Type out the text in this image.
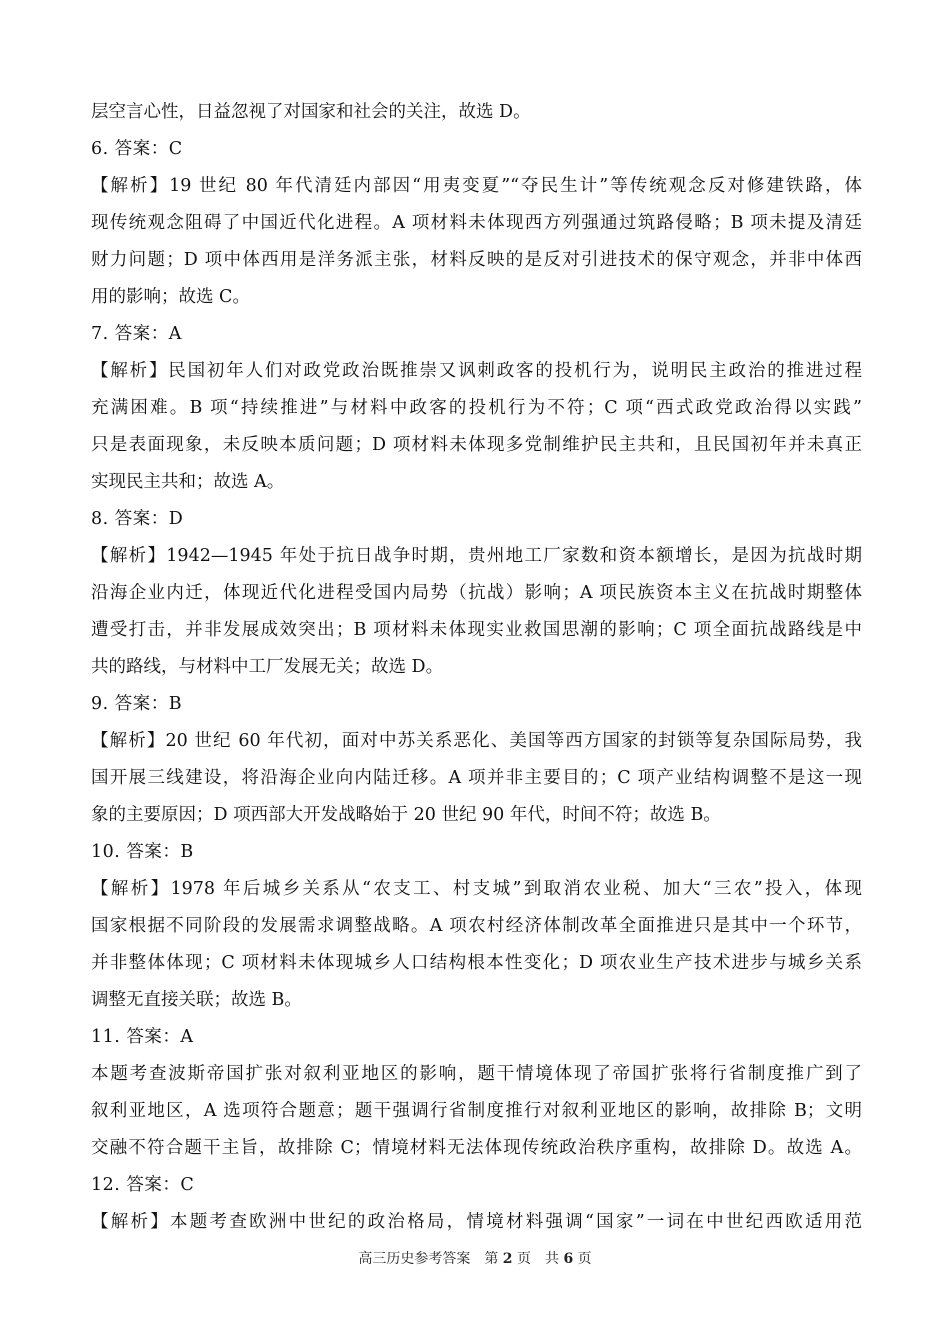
层空言心性，日益忽视了对国家和社会的关注，故选 D。
6. 答案：C
【解析】19 世纪 80 年代清廷内部因“用夷变夏”“夺民生计”等传统观念反对修建铁路，体
现传统观念阻碍了中国近代化进程。A 项材料未体现西方列强通过筑路侵略；B 项未提及清廷
财力问题；D 项中体西用是洋务派主张，材料反映的是反对引进技术的保守观念，并非中体西
用的影响；故选 C。
7. 答案：A
【解析】民国初年人们对政党政治既推崇又讽刺政客的投机行为，说明民主政治的推进过程
充满困难。B 项“持续推进”与材料中政客的投机行为不符；C 项“西式政党政治得以实践”
只是表面现象，未反映本质问题；D 项材料未体现多党制维护民主共和，且民国初年并未真正
实现民主共和；故选 A。
8. 答案：D
【解析】1942—1945 年处于抗日战争时期，贵州地工厂家数和资本额增长，是因为抗战时期
沿海企业内迁，体现近代化进程受国内局势（抗战）影响；A 项民族资本主义在抗战时期整体
遭受打击，并非发展成效突出；B 项材料未体现实业救国思潮的影响；C 项全面抗战路线是中
共的路线，与材料中工厂发展无关；故选 D。
9. 答案：B
【解析】20 世纪 60 年代初，面对中苏关系恶化、美国等西方国家的封锁等复杂国际局势，我
国开展三线建设，将沿海企业向内陆迁移。A 项并非主要目的；C 项产业结构调整不是这一现
象的主要原因；D 项西部大开发战略始于 20 世纪 90 年代，时间不符；故选 B。
10. 答案：B
【解析】1978 年后城乡关系从“农支工、村支城”到取消农业税、加大“三农”投入，体现
国家根据不同阶段的发展需求调整战略。A 项农村经济体制改革全面推进只是其中一个环节，
并非整体体现；C 项材料未体现城乡人口结构根本性变化；D 项农业生产技术进步与城乡关系
调整无直接关联；故选 B。
11. 答案：A
本题考查波斯帝国扩张对叙利亚地区的影响，题干情境体现了帝国扩张将行省制度推广到了
叙利亚地区，A 选项符合题意；题干强调行省制度推行对叙利亚地区的影响，故排除 B；文明
交融不符合题干主旨，故排除 C；情境材料无法体现传统政治秩序重构，故排除 D。故选 A。
12. 答案：C
【解析】本题考查欧洲中世纪的政治格局，情境材料强调“国家”一词在中世纪西欧适用范
高三历史参考答案　第 2 页　共 6 页
